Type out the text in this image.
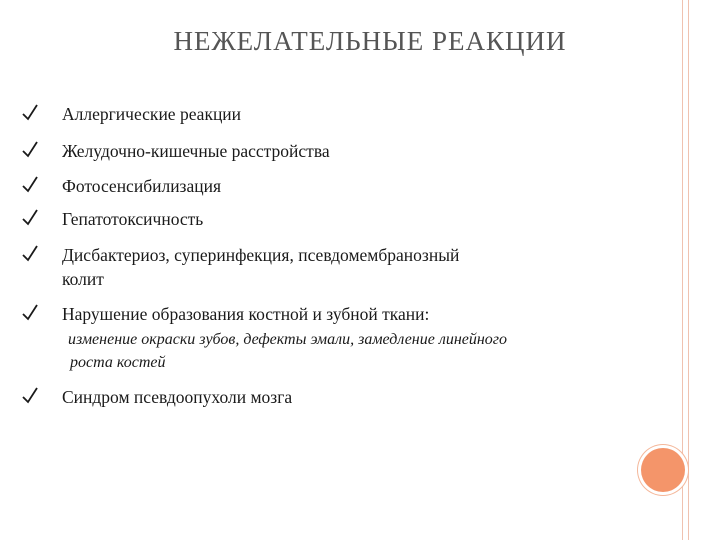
НЕЖЕЛАТЕЛЬНЫЕ РЕАКЦИИ
Аллергические реакции
Желудочно-кишечные расстройства
Фотосенсибилизация
Гепатотоксичность
Дисбактериоз, суперинфекция, псевдомембранозный
колит
Нарушение образования костной и зубной ткани:
изменение окраски зубов, дефекты эмали, замедление линейного
роста костей
Синдром псевдоопухоли мозга
